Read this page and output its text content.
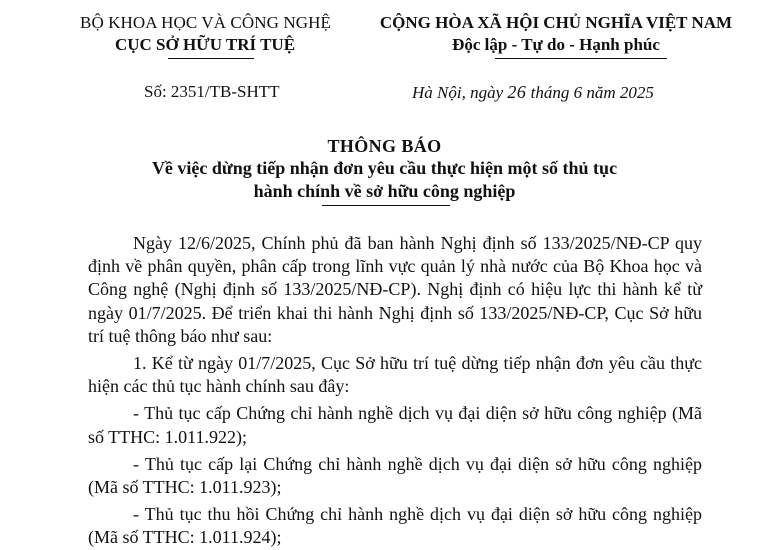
BỘ KHOA HỌC VÀ CÔNG NGHỆ
CỤC SỞ HỮU TRÍ TUỆ
CỘNG HÒA XÃ HỘI CHỦ NGHĨA VIỆT NAM
Độc lập - Tự do - Hạnh phúc
Số: 2351/TB-SHTT	Hà Nội, ngày 26 tháng 6 năm 2025
THÔNG BÁO
Về việc dừng tiếp nhận đơn yêu cầu thực hiện một số thủ tục
hành chính về sở hữu công nghiệp

Ngày 12/6/2025, Chính phủ đã ban hành Nghị định số 133/2025/NĐ-CP quy định về phân quyền, phân cấp trong lĩnh vực quản lý nhà nước của Bộ Khoa học và Công nghệ (Nghị định số 133/2025/NĐ-CP). Nghị định có hiệu lực thi hành kể từ ngày 01/7/2025. Để triển khai thi hành Nghị định số 133/2025/NĐ-CP, Cục Sở hữu trí tuệ thông báo như sau:

1. Kể từ ngày 01/7/2025, Cục Sở hữu trí tuệ dừng tiếp nhận đơn yêu cầu thực hiện các thủ tục hành chính sau đây:

- Thủ tục cấp Chứng chỉ hành nghề dịch vụ đại diện sở hữu công nghiệp (Mã số TTHC: 1.011.922);

- Thủ tục cấp lại Chứng chỉ hành nghề dịch vụ đại diện sở hữu công nghiệp (Mã số TTHC: 1.011.923);

- Thủ tục thu hồi Chứng chỉ hành nghề dịch vụ đại diện sở hữu công nghiệp (Mã số TTHC: 1.011.924);
